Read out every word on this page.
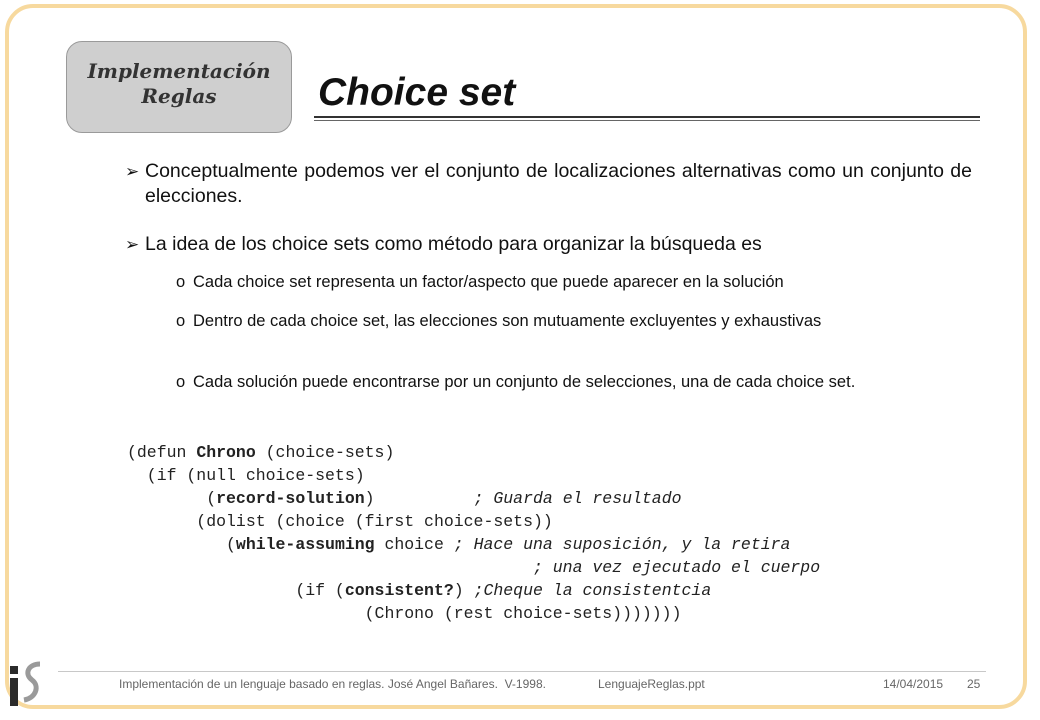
Implementación
Reglas	Choice set
➢ Conceptualmente podemos ver el conjunto de localizaciones alternativas como un conjunto de elecciones.
➢ La idea de los choice sets como método para organizar la búsqueda es
o Cada choice set representa un factor/aspecto que puede aparecer en la solución
o Dentro de cada choice set, las elecciones son mutuamente excluyentes y exhaustivas
o Cada solución puede encontrarse por un conjunto de selecciones, una de cada choice set.
(defun Chrono (choice-sets)
(if (null choice-sets)
(record-solution)          ; Guarda el resultado
(dolist (choice (first choice-sets))
(while-assuming choice ; Hace una suposición, y la retira
; una vez ejecutado el cuerpo
(if (consistent?) ;Cheque la consistentcia
(Chrono (rest choice-sets)))))))
Implementación de un lenguaje basado en reglas. José Angel Bañares.  V-1998.	LenguajeReglas.ppt	14/04/2015 25
